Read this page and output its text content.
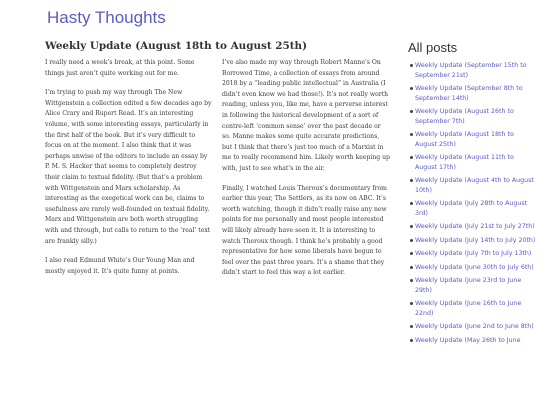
Hasty Thoughts
Weekly Update (August 18th to August 25th)

I really need a week’s break, at this point. Some things just aren’t quite working out for me.

I’m trying to push my way through The New Wittgenstein a collection edited a few decades ago by Alice Crary and Rupert Read. It’s an interesting volume, with some interesting essays, particularly in the first half of the book. But it’s very difficult to focus on at the moment. I also think that it was perhaps unwise of the editors to include an essay by P. M. S. Hacker that seems to completely destroy their claim to textual fidelity. (But that’s a problem with Wittgenstein and Marx scholarship. As interesting as the exegetical work can be, claims to usefulness are rarely well-founded on textual fidelity. Marx and Wittgenstein are both worth struggling with and through, but calls to return to the ‘real’ text are frankly silly.)

I also read Edmund White’s Our Young Man and mostly enjoyed it. It’s quite funny at points.

I’ve also made my way through Robert Manne’s On Borrowed Time, a collection of essays from around 2018 by a “leading public intellectual” in Australia (I didn’t even know we had those!). It’s not really worth reading, unless you, like me, have a perverse interest in following the historical development of a sort of centre-left ‘common sense’ over the past decade or so. Manne makes some quite accurate predictions, but I think that there’s just too much of a Marxist in me to really recommend him. Likely worth keeping up with, just to see what’s in the air.

Finally, I watched Louis Theroux’s documentary from earlier this year, The Settlers, as its now on ABC. It’s worth watching, though it didn’t really raise any new points for me personally and most people interested will likely already have seen it. It is interesting to watch Theroux though. I think he’s probably a good representative for how some liberals have begun to feel over the past three years. It’s a shame that they didn’t start to feel this way a lot earlier.

All posts
Weekly Update (September 15th to September 21st)
Weekly Update (September 8th to September 14th)
Weekly Update (August 26th to September 7th)
Weekly Update (August 18th to August 25th)
Weekly Update (August 11th to August 17th)
Weekly Update (August 4th to August 10th)
Weekly Update (July 28th to August 3rd)
Weekly Update (July 21st to July 27th)
Weekly Update (July 14th to July 20th)
Weekly Update (July 7th to July 13th)
Weekly Update (June 30th to July 6th)
Weekly Update (June 23rd to June 29th)
Weekly Update (June 16th to June 22nd)
Weekly Update (June 2nd to June 8th)
Weekly Update (May 26th to June
